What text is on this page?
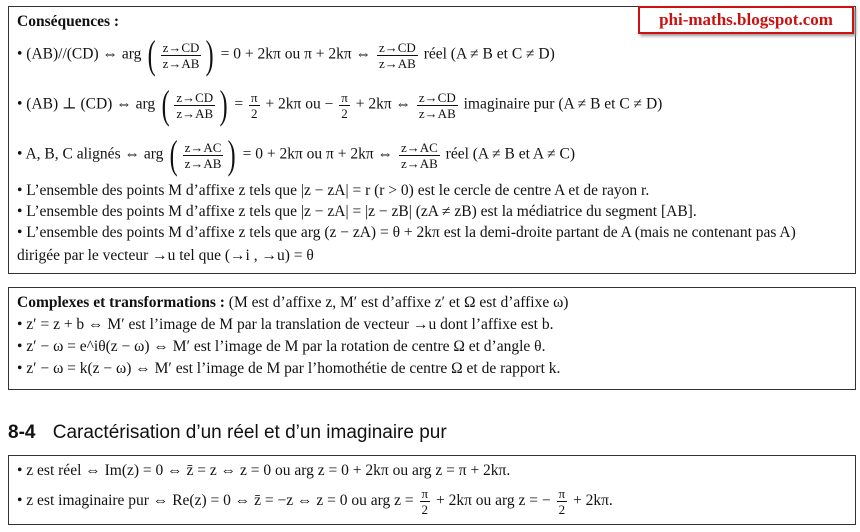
Conséquences :
• (AB)//(CD) ⇔ arg ( $\frac{z\to CD}{z\to AB}$ ) = 0 + 2kπ ou π + 2kπ ⇔ $\frac{z\to CD}{z\to AB}$ réel (A ≠ B et C ≠ D)
• (AB) ⊥ (CD) ⇔ arg ( $\frac{z\to CD}{z\to AB}$ ) = $\frac{\pi}{2} + 2k\pi$ ou − $\frac{\pi}{2} + 2k\pi$ ⇔ $\frac{z\to CD}{z\to AB}$ imaginaire pur (A ≠ B et C ≠ D)
• A, B, C alignés ⇔ arg ( $\frac{z\to AC}{z\to AB}$ ) = 0 + 2kπ ou π + 2kπ ⇔ $\frac{z\to AC}{z\to AB}$ réel (A ≠ B et A ≠ C)
• L’ensemble des points M d’affixe z tels que |z − zA| = r (r > 0) est le cercle de centre A et de rayon r.
• L’ensemble des points M d’affixe z tels que |z − zA| = |z − zB| (zA ≠ zB) est la médiatrice du segment [AB].
• L’ensemble des points M d’affixe z tels que arg (z − zA) = θ + 2kπ est la demi-droite partant de A (mais ne contenant pas A)
dirigée par le vecteur →u tel que (→i , →u) = θ
phi-maths.blogspot.com
Complexes et transformations : (M est d’affixe z, M′ est d’affixe z′ et Ω est d’affixe ω)
• z′ = z + b ⇔ M′ est l’image de M par la translation de vecteur →u dont l’affixe est b.
• z′ − ω = e^iθ(z − ω) ⇔ M′ est l’image de M par la rotation de centre Ω et d’angle θ.
• z′ − ω = k(z − ω) ⇔ M′ est l’image de M par l’homothétie de centre Ω et de rapport k.
8-4 Caractérisation d’un réel et d’un imaginaire pur
• z est réel ⇔ Im(z) = 0 ⇔ z̄ = z ⇔ z = 0 ou arg z = 0 + 2kπ ou arg z = π + 2kπ.
• z est imaginaire pur ⇔ Re(z) = 0 ⇔ z̄ = −z ⇔ z = 0 ou arg $z = \frac{\pi}{2} + 2k\pi$ ou arg z = − $\frac{\pi}{2} + 2k\pi$.
